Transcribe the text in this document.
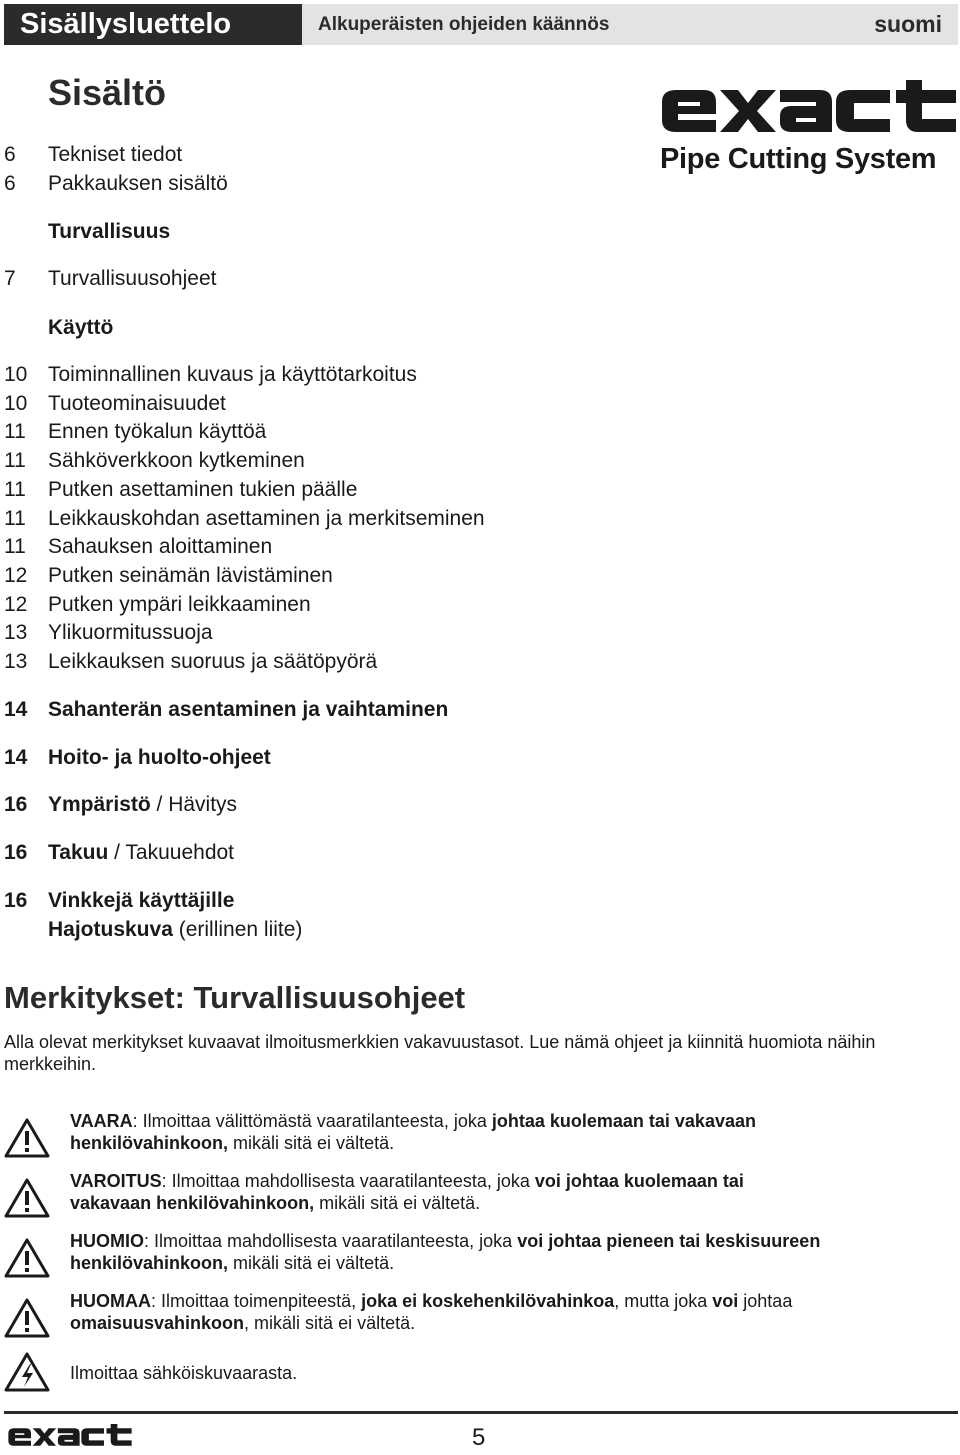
Sisällysluettelo	Alkuperäisten ohjeiden käännös	suomi
Pipe Cutting System
Sisältö
6 Tekniset tiedot
6 Pakkauksen sisältö
Turvallisuus
7 Turvallisuusohjeet
Käyttö
10 Toiminnallinen kuvaus ja käyttötarkoitus
10 Tuoteominaisuudet
11 Ennen työkalun käyttöä
11 Sähköverkkoon kytkeminen
11 Putken asettaminen tukien päälle
11 Leikkauskohdan asettaminen ja merkitseminen
11 Sahauksen aloittaminen
12 Putken seinämän lävistäminen
12 Putken ympäri leikkaaminen
13 Ylikuormitussuoja
13 Leikkauksen suoruus ja säätöpyörä
14 Sahanterän asentaminen ja vaihtaminen
14 Hoito- ja huolto-ohjeet
16 Ympäristö / Hävitys
16 Takuu / Takuuehdot
16 Vinkkejä käyttäjille
Hajotuskuva (erillinen liite)
Merkitykset: Turvallisuusohjeet
Alla olevat merkitykset kuvaavat ilmoitusmerkkien vakavuustasot. Lue nämä ohjeet ja kiinnitä huomiota näihin merkkeihin.
VAARA: Ilmoittaa välittömästä vaaratilanteesta, joka johtaa kuolemaan tai vakavaan
henkilövahinkoon, mikäli sitä ei vältetä.
VAROITUS: Ilmoittaa mahdollisesta vaaratilanteesta, joka voi johtaa kuolemaan tai
vakavaan henkilövahinkoon, mikäli sitä ei vältetä.
HUOMIO: Ilmoittaa mahdollisesta vaaratilanteesta, joka voi johtaa pieneen tai keskisuureen
henkilövahinkoon, mikäli sitä ei vältetä.
HUOMAA: Ilmoittaa toimenpiteestä, joka ei koskehenkilövahinkoa, mutta joka voi johtaa
omaisuusvahinkoon, mikäli sitä ei vältetä.
Ilmoittaa sähköiskuvaarasta.
5
